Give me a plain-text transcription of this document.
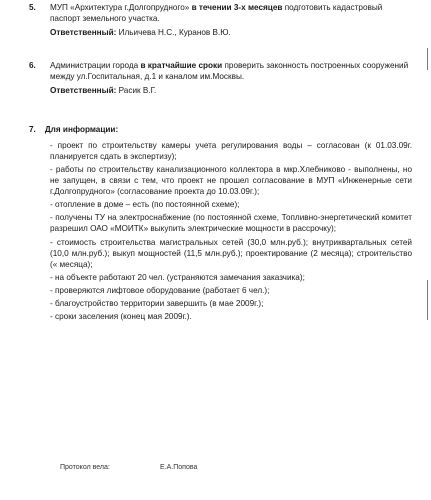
5. МУП «Архитектура г.Долгопрудного» в течении 3-х месяцев подготовить кадастровый паспорт земельного участка.
Ответственный: Ильичева Н.С., Куранов В.Ю.
6. Администрации города в кратчайшие сроки проверить законность построенных сооружений между ул.Госпитальная, д.1 и каналом им.Москвы.
Ответственный: Расик В.Г.
7. Для информации:
- проект по строительству камеры учета регулирования воды – согласован (к 01.03.09г. планируется сдать в экспертизу);
- работы по строительству канализационного коллектора в мкр.Хлебниково - выполнены, но не запущен, в связи с тем, что проект не прошел согласование в МУП «Инженерные сети г.Долгопрудного» (согласование проекта до 10.03.09г.);
- отопление в доме – есть (по постоянной схеме);
- получены ТУ на электроснабжение (по постоянной схеме, Топливно-энергетический комитет разрешил ОАО «МОИТК» выкупить электрические мощности в рассрочку);
- стоимость строительства магистральных сетей (30,0 млн.руб.); внутриквартальных сетей (10,0 млн.руб.); выкуп мощностей (11,5 млн.руб.); проектирование (2 месяца); строительство (« месяца);
- на объекте работают 20 чел. (устраняются замечания заказчика);
- проверяются лифтовое оборудование (работает 6 чел.);
- благоустройство территории завершить (в мае 2009г.);
- сроки заселения (конец мая 2009г.).
Протокол вела:	Е.А.Попова
